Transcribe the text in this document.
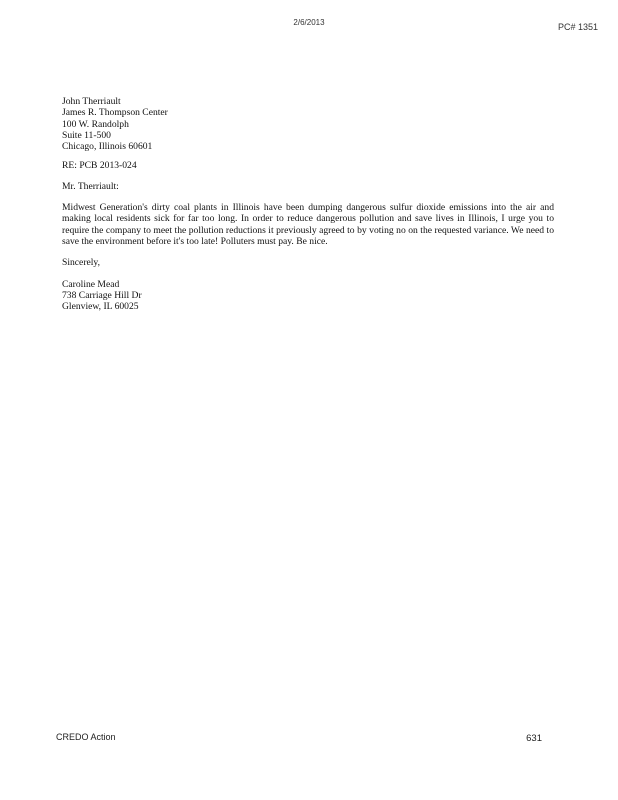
2/6/2013	PC# 1351
John Therriault
James R. Thompson Center
100 W. Randolph
Suite 11-500
Chicago, Illinois 60601
RE: PCB 2013-024
Mr. Therriault:
Midwest Generation's dirty coal plants in Illinois have been dumping dangerous sulfur dioxide emissions into the air and making local residents sick for far too long. In order to reduce dangerous pollution and save lives in Illinois, I urge you to require the company to meet the pollution reductions it previously agreed to by voting no on the requested variance. We need to save the environment before it's too late! Polluters must pay. Be nice.
Sincerely,
Caroline Mead
738 Carriage Hill Dr
Glenview, IL 60025
CREDO Action	631
